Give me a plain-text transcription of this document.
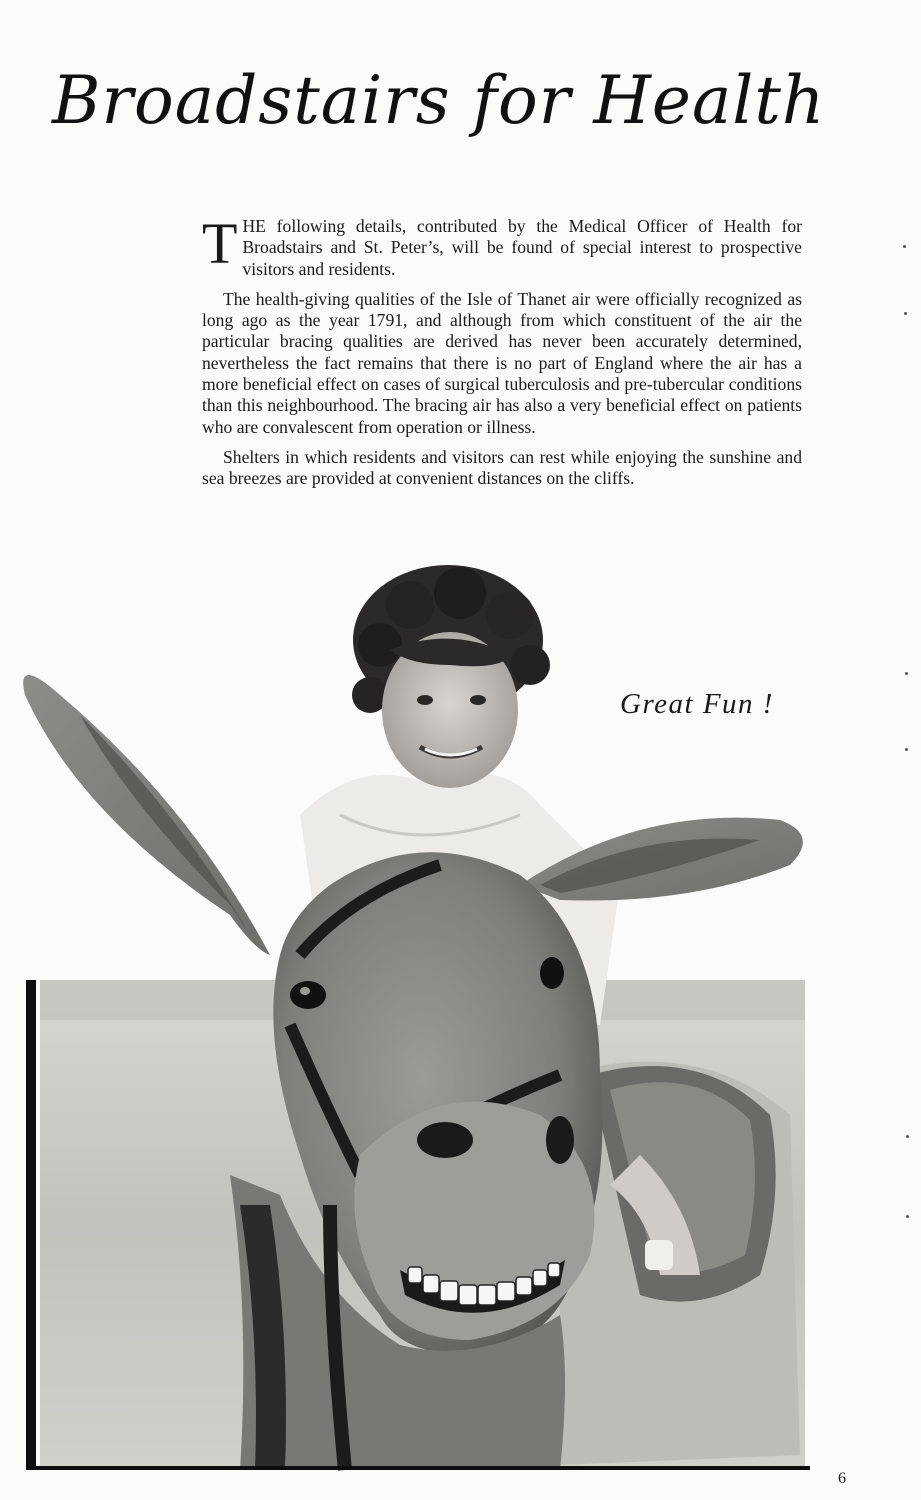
Broadstairs for Health

THE following details, contributed by the Medical Officer of Health for Broadstairs and St. Peter’s, will be found of special interest to prospective visitors and residents.

The health-giving qualities of the Isle of Thanet air were officially recognized as long ago as the year 1791, and although from which constituent of the air the particular bracing qualities are derived has never been accurately determined, nevertheless the fact remains that there is no part of England where the air has a more beneficial effect on cases of surgical tuberculosis and pre-tubercular conditions than this neighbourhood. The bracing air has also a very beneficial effect on patients who are convalescent from operation or illness.

Shelters in which residents and visitors can rest while enjoying the sunshine and sea breezes are provided at convenient distances on the cliffs.

Great Fun !
6
